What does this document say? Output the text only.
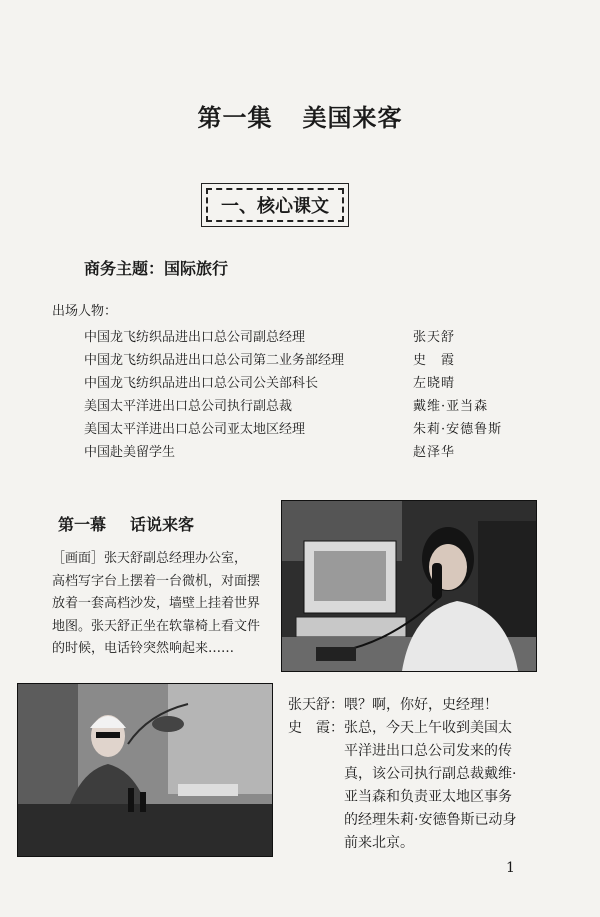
第一集 美国来客
一、核心课文
商务主题：国际旅行
出场人物：
中国龙飞纺织品进出口总公司副总经理	张天舒
中国龙飞纺织品进出口总公司第二业务部经理	史　霞
中国龙飞纺织品进出口总公司公关部科长	左晓晴
美国太平洋进出口总公司执行副总裁	戴维·亚当森
美国太平洋进出口总公司亚太地区经理	朱莉·安德鲁斯
中国赴美留学生	赵泽华
第一幕 话说来客
［画面］张天舒副总经理办公室，
高档写字台上摆着一台微机，对面摆
放着一套高档沙发，墙壁上挂着世界
地图。张天舒正坐在软靠椅上看文件
的时候，电话铃突然响起来……
张天舒：喂？啊，你好，史经理！
史　霞：张总，今天上午收到美国太
　　　　平洋进出口总公司发来的传
　　　　真，该公司执行副总裁戴维·
　　　　亚当森和负责亚太地区事务
　　　　的经理朱莉·安德鲁斯已动身
　　　　前来北京。
1
